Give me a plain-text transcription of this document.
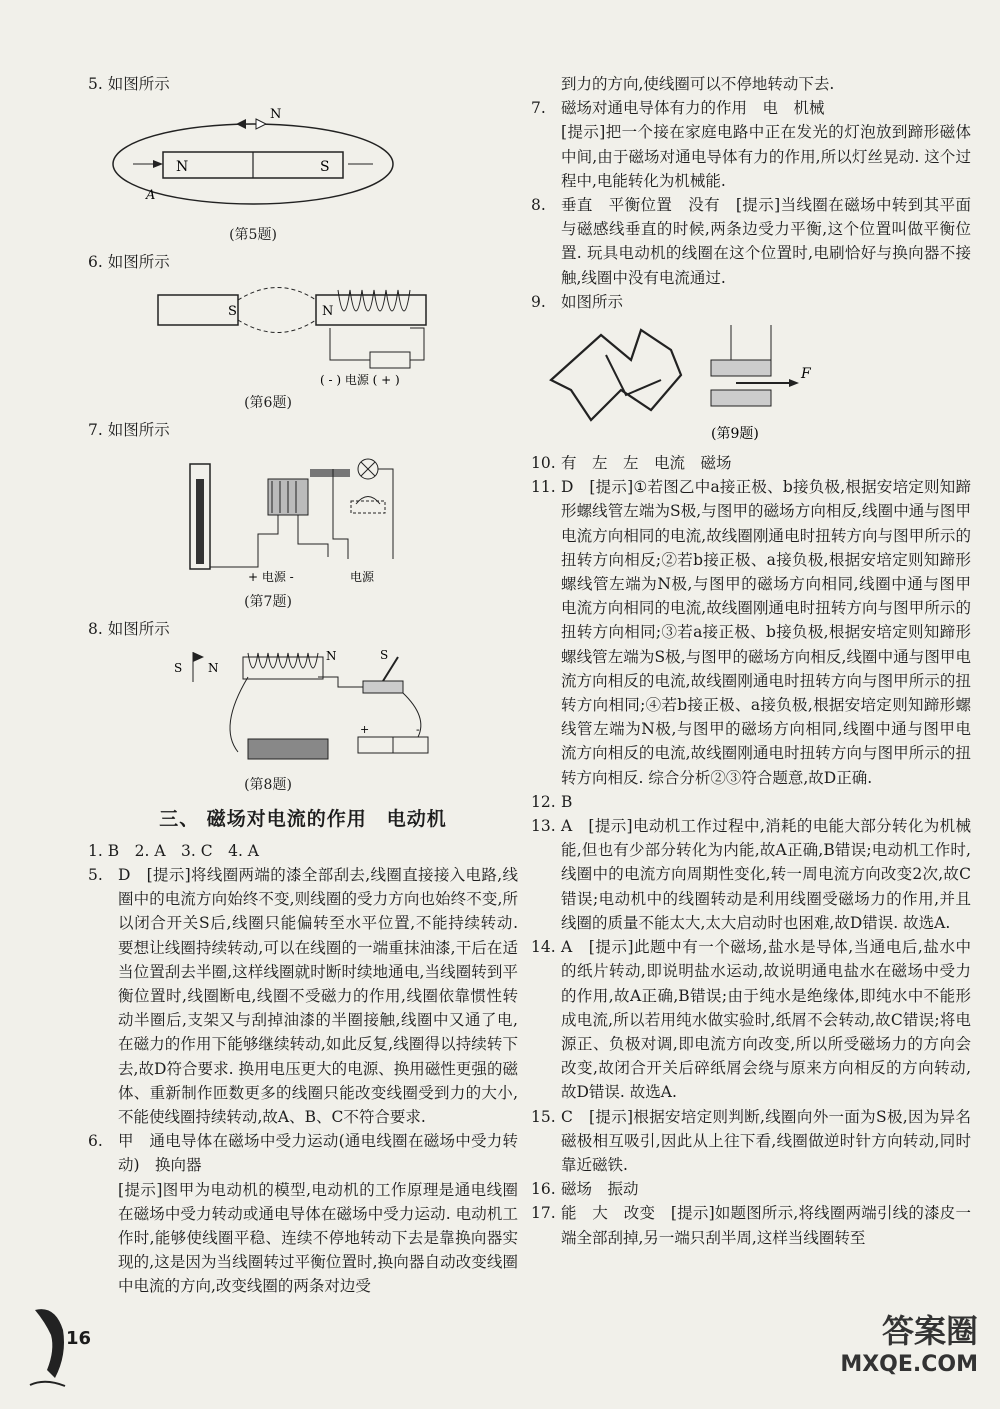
5. 如图所示

N	S
N
A
(第5题)

6. 如图所示

S	N
( - ) 电源 ( + )
(第6题)

7. 如图所示

+ 电源 -	电源
(第7题)

8. 如图所示

S N
N	S
+	-
(第8题)
三、 磁场对电流的作用　电动机

1. B　2. A　3. C　4. A

5. D　[提示]将线圈两端的漆全部刮去,线圈直接接入电路,线圈中的电流方向始终不变,则线圈的受力方向也始终不变,所以闭合开关S后,线圈只能偏转至水平位置,不能持续转动. 要想让线圈持续转动,可以在线圈的一端重抹油漆,干后在适当位置刮去半圈,这样线圈就时断时续地通电,当线圈转到平衡位置时,线圈断电,线圈不受磁力的作用,线圈依靠惯性转动半圈后,支架又与刮掉油漆的半圈接触,线圈中又通了电,在磁力的作用下能够继续转动,如此反复,线圈得以持续转下去,故D符合要求. 换用电压更大的电源、换用磁性更强的磁体、重新制作匝数更多的线圈只能改变线圈受到力的大小,不能使线圈持续转动,故A、B、C不符合要求.
6. 甲　通电导体在磁场中受力运动(通电线圈在磁场中受力转动)　换向器
[提示]图甲为电动机的模型,电动机的工作原理是通电线圈在磁场中受力转动或通电导体在磁场中受力运动. 电动机工作时,能够使线圈平稳、连续不停地转动下去是靠换向器实现的,这是因为当线圈转过平衡位置时,换向器自动改变线圈中电流的方向,改变线圈的两条对边受

到力的方向,使线圈可以不停地转动下去.

7. 磁场对通电导体有力的作用　电　机械
[提示]把一个接在家庭电路中正在发光的灯泡放到蹄形磁体中间,由于磁场对通电导体有力的作用,所以灯丝晃动. 这个过程中,电能转化为机械能.
8. 垂直　平衡位置　没有　[提示]当线圈在磁场中转到其平面与磁感线垂直的时候,两条边受力平衡,这个位置叫做平衡位置. 玩具电动机的线圈在这个位置时,电刷恰好与换向器不接触,线圈中没有电流通过.
9. 如图所示
F
(第9题)
10. 有　左　左　电流　磁场
11. D　[提示]①若图乙中a接正极、b接负极,根据安培定则知蹄形螺线管左端为S极,与图甲的磁场方向相反,线圈中通与图甲电流方向相同的电流,故线圈刚通电时扭转方向与图甲所示的扭转方向相反;②若b接正极、a接负极,根据安培定则知蹄形螺线管左端为N极,与图甲的磁场方向相同,线圈中通与图甲电流方向相同的电流,故线圈刚通电时扭转方向与图甲所示的扭转方向相同;③若a接正极、b接负极,根据安培定则知蹄形螺线管左端为S极,与图甲的磁场方向相反,线圈中通与图甲电流方向相反的电流,故线圈刚通电时扭转方向与图甲所示的扭转方向相同;④若b接正极、a接负极,根据安培定则知蹄形螺线管左端为N极,与图甲的磁场方向相同,线圈中通与图甲电流方向相反的电流,故线圈刚通电时扭转方向与图甲所示的扭转方向相反. 综合分析②③符合题意,故D正确.
12. B
13. A　[提示]电动机工作过程中,消耗的电能大部分转化为机械能,但也有少部分转化为内能,故A正确,B错误;电动机工作时,线圈中的电流方向周期性变化,转一周电流方向改变2次,故C错误;电动机中的线圈转动是利用线圈受磁场力的作用,并且线圈的质量不能太大,太大启动时也困难,故D错误. 故选A.
14. A　[提示]此题中有一个磁场,盐水是导体,当通电后,盐水中的纸片转动,即说明盐水运动,故说明通电盐水在磁场中受力的作用,故A正确,B错误;由于纯水是绝缘体,即纯水中不能形成电流,所以若用纯水做实验时,纸屑不会转动,故C错误;将电源正、负极对调,即电流方向改变,所以所受磁场力的方向会改变,故闭合开关后碎纸屑会绕与原来方向相反的方向转动,故D错误. 故选A.
15. C　[提示]根据安培定则判断,线圈向外一面为S极,因为异名磁极相互吸引,因此从上往下看,线圈做逆时针方向转动,同时靠近磁铁.
16. 磁场　振动
17. 能　大　改变　[提示]如题图所示,将线圈两端引线的漆皮一端全部刮掉,另一端只刮半周,这样当线圈转至
16	答案圈
MXQE.COM
